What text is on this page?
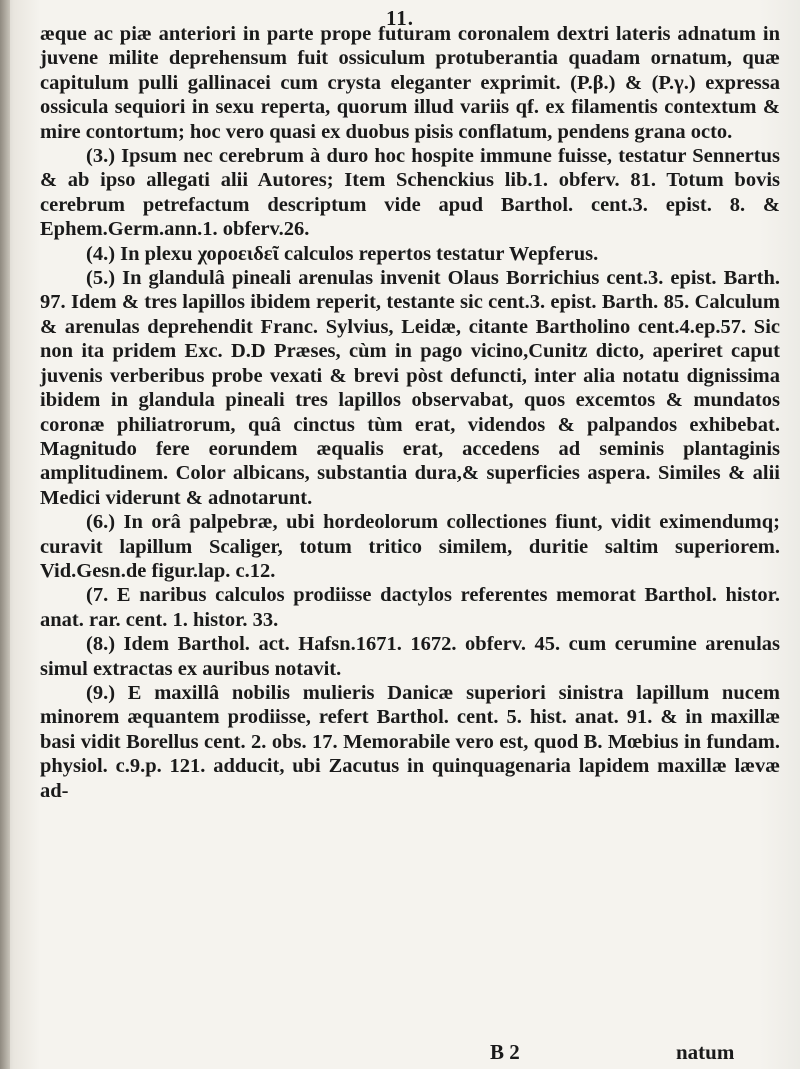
11.

æque ac piæ anteriori in parte prope futuram coronalem dextri lateris adnatum in juvene milite deprehensum fuit ossiculum protuberantia quadam ornatum, quæ capitulum pulli gallinacei cum crysta eleganter exprimit. (P.β.) & (P.γ.) expressa ossicula sequiori in sexu reperta, quorum illud variis qf. ex filamentis contextum & mire contortum; hoc vero quasi ex duobus pisis conflatum, pendens grana octo.

(3.) Ipsum nec cerebrum à duro hoc hospite immune fuisse, testatur Sennertus & ab ipso allegati alii Autores; Item Schenckius lib.1. obferv. 81. Totum bovis cerebrum petrefactum descriptum vide apud Barthol. cent.3. epist. 8. & Ephem.Germ.ann.1. obferv.26.

(4.) In plexu χοροειδεῖ calculos repertos testatur Wepferus.

(5.) In glandulâ pineali arenulas invenit Olaus Borrichius cent.3. epist. Barth. 97. Idem & tres lapillos ibidem reperit, testante sic cent.3. epist. Barth. 85. Calculum & arenulas deprehendit Franc. Sylvius, Leidæ, citante Bartholino cent.4.ep.57. Sic non ita pridem Exc. D.D Præses, cùm in pago vicino,Cunitz dicto, aperiret caput juvenis verberibus probe vexati & brevi pòst defuncti, inter alia notatu dignissima ibidem in glandula pineali tres lapillos observabat, quos excemtos & mundatos coronæ philiatrorum, quâ cinctus tùm erat, videndos & palpandos exhibebat. Magnitudo fere eorundem æqualis erat, accedens ad seminis plantaginis amplitudinem. Color albicans, substantia dura,& superficies aspera. Similes & alii Medici viderunt & adnotarunt.

(6.) In orâ palpebræ, ubi hordeolorum collectiones fiunt, vidit eximendumq; curavit lapillum Scaliger, totum tritico similem, duritie saltim superiorem. Vid.Gesn.de figur.lap. c.12.

(7. E naribus calculos prodiisse dactylos referentes memorat Barthol. histor. anat. rar. cent. 1. histor. 33.

(8.) Idem Barthol. act. Hafsn.1671. 1672. obferv. 45. cum cerumine arenulas simul extractas ex auribus notavit.

(9.) E maxillâ nobilis mulieris Danicæ superiori sinistra lapillum nucem minorem æquantem prodiisse, refert Barthol. cent. 5. hist. anat. 91. & in maxillæ basi vidit Borellus cent. 2. obs. 17. Memorabile vero est, quod B. Mœbius in fundam. physiol. c.9.p. 121. adducit, ubi Zacutus in quinquagenaria lapidem maxillæ lævæ ad-

B 2	natum
